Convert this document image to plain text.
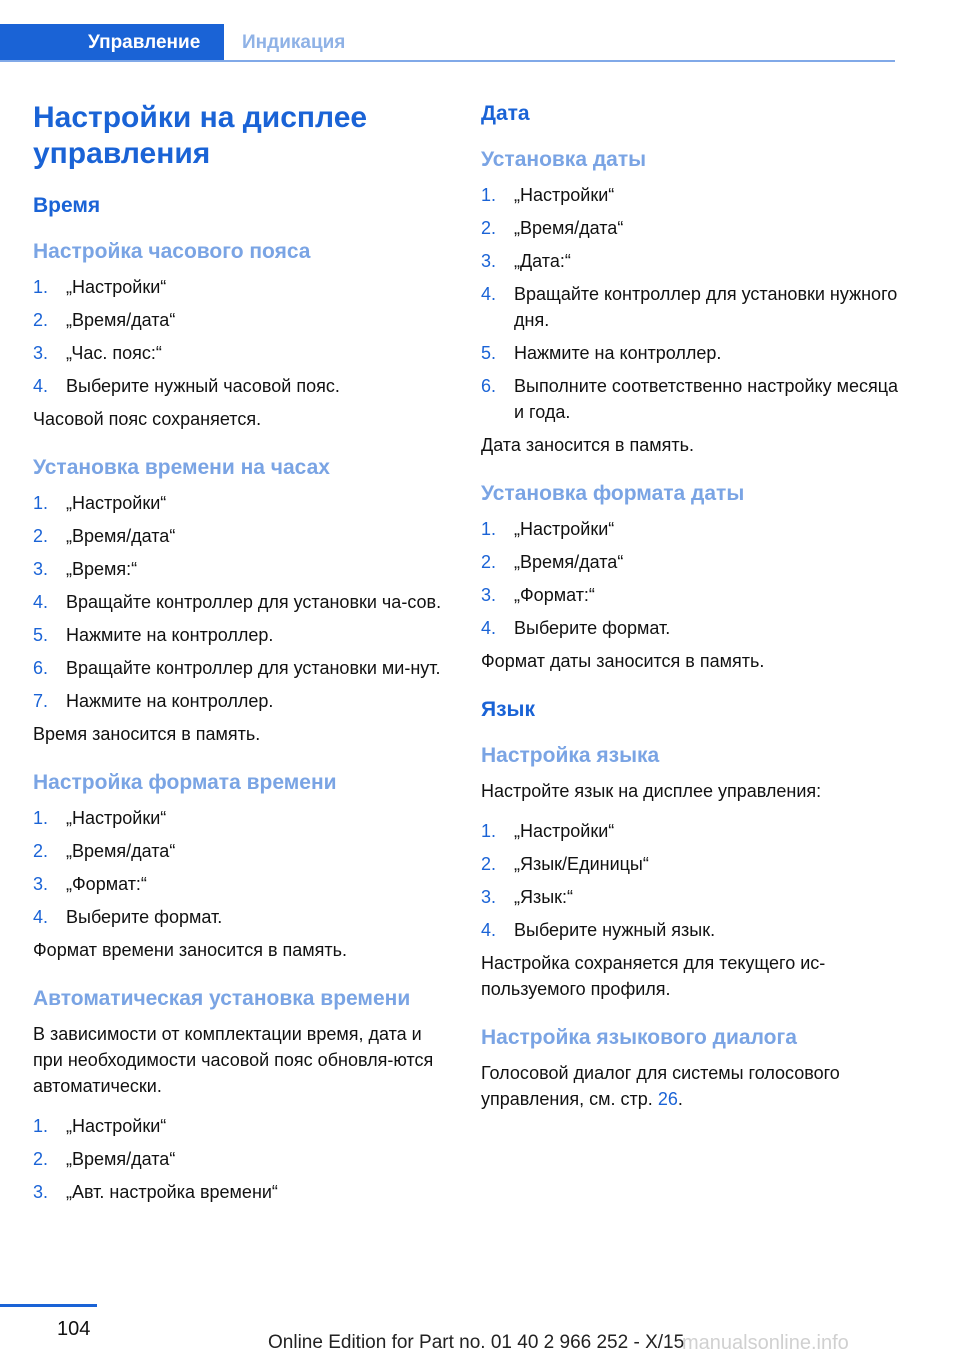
Управление Индикация
Настройки на дисплее управления
Время
Настройка часового пояса
1. „Настройки“
2. „Время/дата“
3. „Час. пояс:“
4. Выберите нужный часовой пояс.

Часовой пояс сохраняется.

Установка времени на часах
1. „Настройки“
2. „Время/дата“
3. „Время:“
4. Вращайте контроллер для установки ча-сов.
5. Нажмите на контроллер.
6. Вращайте контроллер для установки ми-нут.
7. Нажмите на контроллер.

Время заносится в память.

Настройка формата времени
1. „Настройки“
2. „Время/дата“
3. „Формат:“
4. Выберите формат.

Формат времени заносится в память.

Автоматическая установка времени

В зависимости от комплектации время, дата и при необходимости часовой пояс обновля-ются автоматически.

1. „Настройки“
2. „Время/дата“
3. „Авт. настройка времени“
Дата
Установка даты
1. „Настройки“
2. „Время/дата“
3. „Дата:“
4. Вращайте контроллер для установки нужного дня.
5. Нажмите на контроллер.
6. Выполните соответственно настройку месяца и года.

Дата заносится в память.

Установка формата даты
1. „Настройки“
2. „Время/дата“
3. „Формат:“
4. Выберите формат.

Формат даты заносится в память.

Язык
Настройка языка

Настройте язык на дисплее управления:

1. „Настройки“
2. „Язык/Единицы“
3. „Язык:“
4. Выберите нужный язык.

Настройка сохраняется для текущего ис-пользуемого профиля.

Настройка языкового диалога

Голосовой диалог для системы голосового управления, см. стр. 26.

104
Online Edition for Part no. 01 40 2 966 252 - X/15
manualsonline.info
